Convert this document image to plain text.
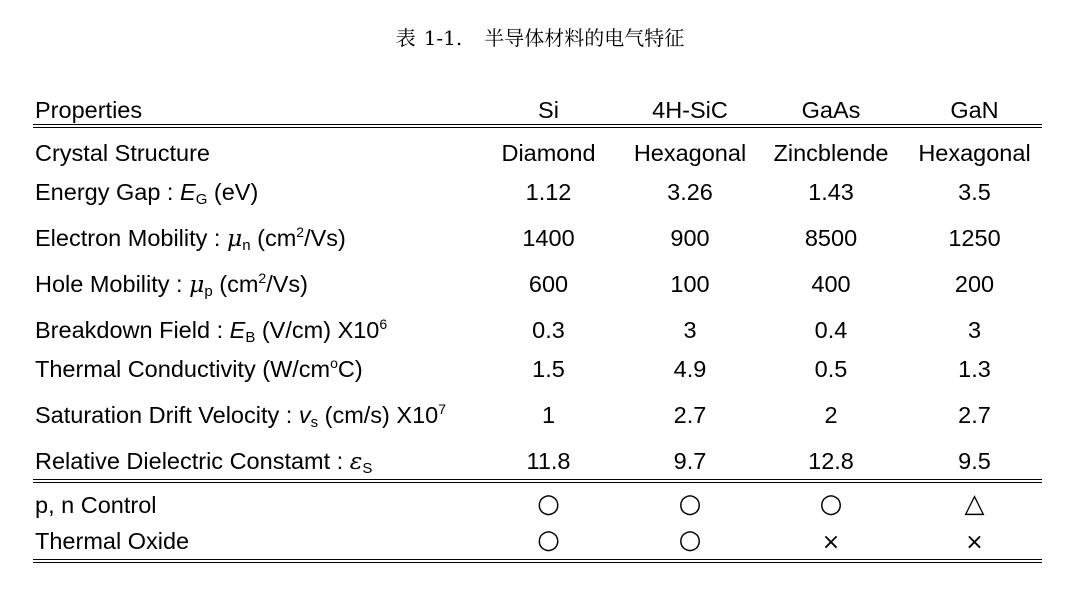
表 1-1. 半导体材料的电气特征
Properties	Si	4H-SiC	GaAs	GaN
Crystal Structure	Diamond	Hexagonal	Zincblende	Hexagonal
Energy Gap : $E_G$ (eV)	1.12	3.26	1.43	3.5
Electron Mobility : $\mu_n$ $(cm^2/Vs)$	1400	900	8500	1250
Hole Mobility : $\mu_p$ $(cm^2/Vs)$	600	100	400	200
Breakdown Field : $E_B$ (V/cm) $X10^6$	0.3	3	0.4	3
Thermal Conductivity $(W/cm^oC)$	1.5	4.9	0.5	1.3
Saturation Drift Velocity : $v_s$ (cm/s) $X10^7$	1	2.7	2	2.7
Relative Dielectric Constamt : $\varepsilon_S$	11.8	9.7	12.8	9.5
p, n Control	○	○	○	△
Thermal Oxide	○	○	×	×
